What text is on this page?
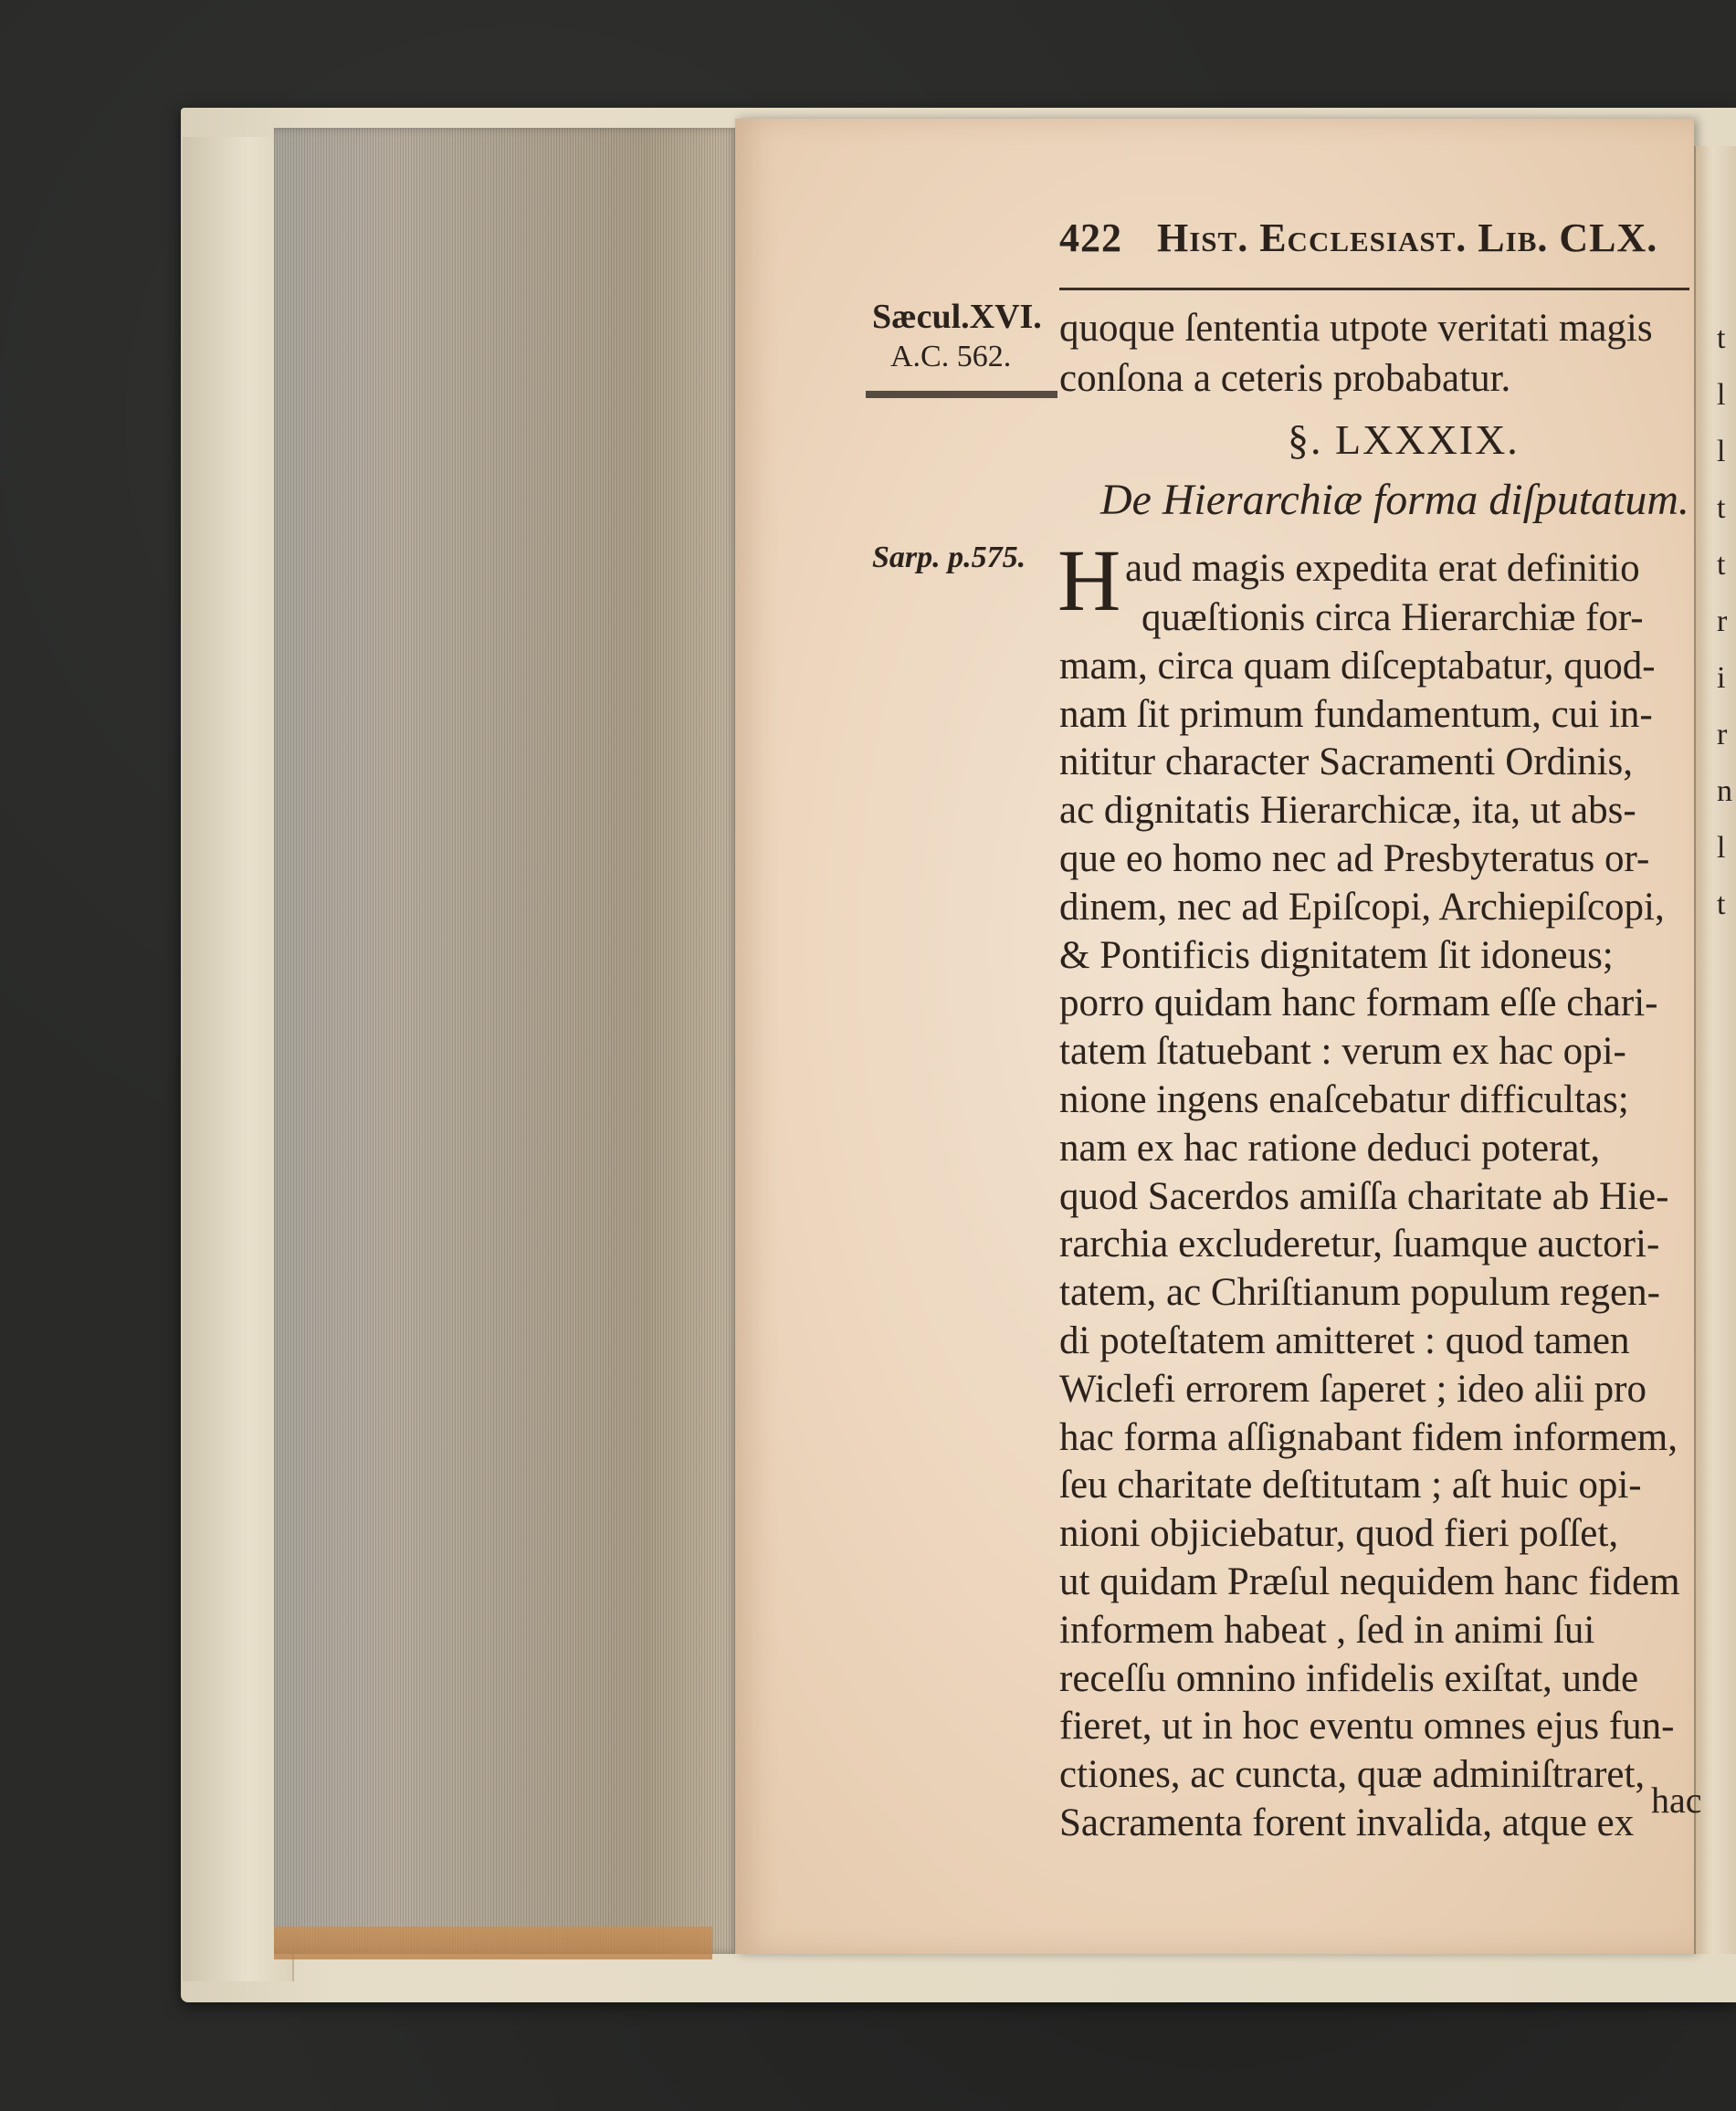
t
l
l
t
t
r
i
r
n
l
t
422 Hist. Ecclesiast. Lib. CLX.
Sæcul.XVI.
A.C. 562.
Sarp. p.575.
quoque ſententia utpote veritati magis
conſona a ceteris probabatur.
§. LXXXIX.
De Hierarchiæ forma diſputatum.
H aud magis expedita erat definitio
quæſtionis circa Hierarchiæ for-
mam, circa quam diſceptabatur, quod-
nam ſit primum fundamentum, cui in-
nititur character Sacramenti Ordinis,
ac dignitatis Hierarchicæ, ita, ut abs-
que eo homo nec ad Presbyteratus or-
dinem, nec ad Epiſcopi, Archiepiſcopi,
& Pontificis dignitatem ſit idoneus;
porro quidam hanc formam eſſe chari-
tatem ſtatuebant : verum ex hac opi-
nione ingens enaſcebatur difficultas;
nam ex hac ratione deduci poterat,
quod Sacerdos amiſſa charitate ab Hie-
rarchia excluderetur, ſuamque auctori-
tatem, ac Chriſtianum populum regen-
di poteſtatem amitteret : quod tamen
Wiclefi errorem ſaperet ; ideo alii pro
hac forma aſſignabant fidem informem,
ſeu charitate deſtitutam ; aſt huic opi-
nioni objiciebatur, quod fieri poſſet,
ut quidam Præſul nequidem hanc fidem
informem habeat , ſed in animi ſui
receſſu omnino infidelis exiſtat, unde
fieret, ut in hoc eventu omnes ejus fun-
ctiones, ac cuncta, quæ adminiſtraret,
Sacramenta forent invalida, atque ex
hac
